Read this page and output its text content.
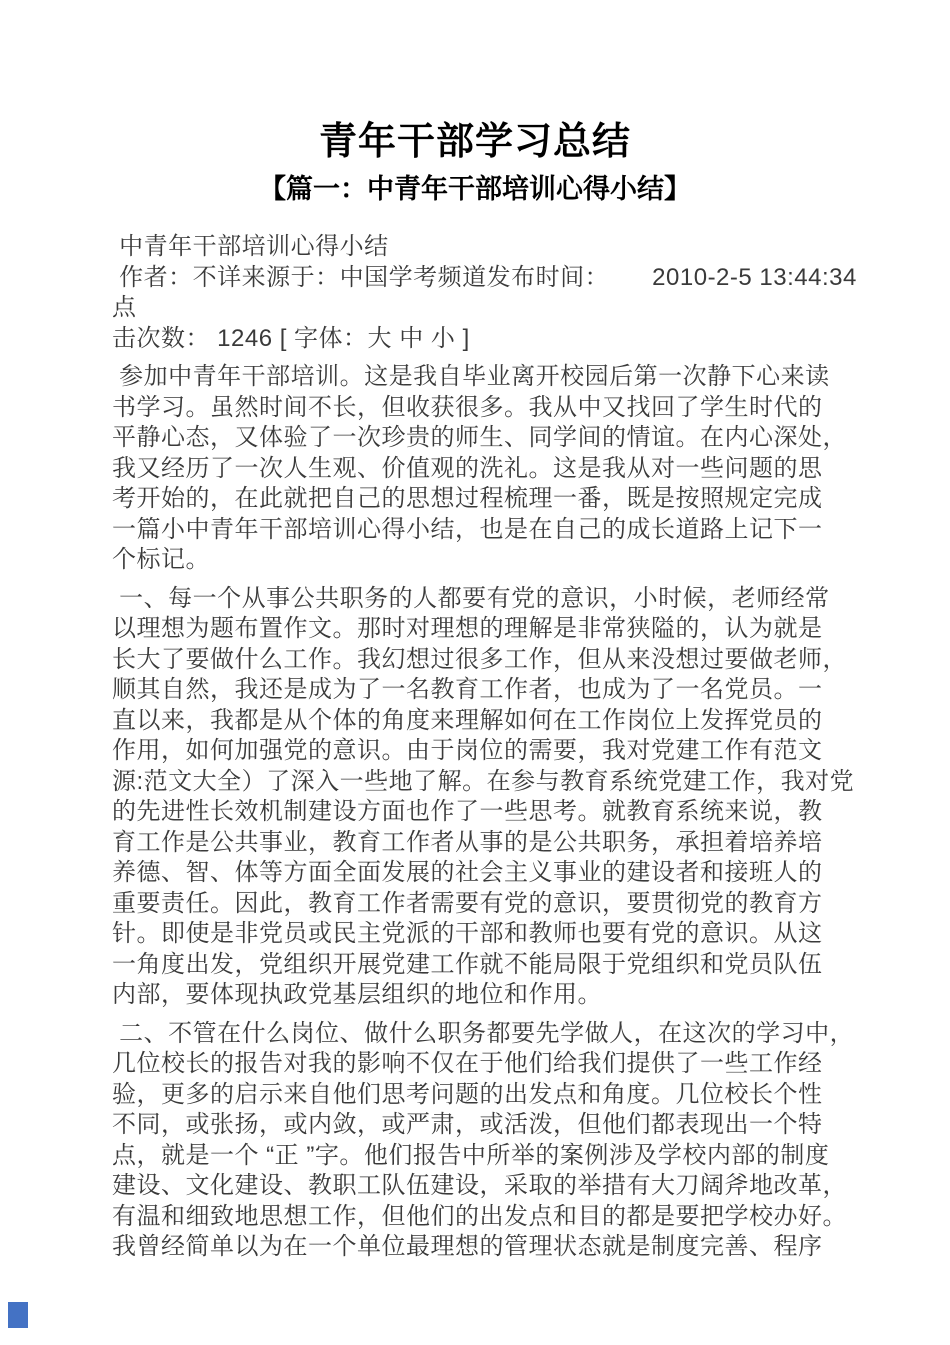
青年干部学习总结
【篇一：中青年干部培训心得小结】
中青年干部培训心得小结
作者：不详来源于：中国学考频道发布时间：      2010-2-5 13:44:34    点
击次数： 1246 [ 字体：大 中 小 ]
参加中青年干部培训。这是我自毕业离开校园后第一次静下心来读
书学习。虽然时间不长，但收获很多。我从中又找回了学生时代的
平静心态，又体验了一次珍贵的师生、同学间的情谊。在内心深处，
我又经历了一次人生观、价值观的洗礼。这是我从对一些问题的思
考开始的，在此就把自己的思想过程梳理一番，既是按照规定完成
一篇小中青年干部培训心得小结，也是在自己的成长道路上记下一
个标记。
一、每一个从事公共职务的人都要有党的意识，小时候，老师经常
以理想为题布置作文。那时对理想的理解是非常狭隘的，认为就是
长大了要做什么工作。我幻想过很多工作，但从来没想过要做老师，
顺其自然，我还是成为了一名教育工作者，也成为了一名党员。一
直以来，我都是从个体的角度来理解如何在工作岗位上发挥党员的
作用，如何加强党的意识。由于岗位的需要，我对党建工作有范文
源:范文大全）了深入一些地了解。在参与教育系统党建工作，我对党
的先进性长效机制建设方面也作了一些思考。就教育系统来说，教
育工作是公共事业，教育工作者从事的是公共职务，承担着培养培
养德、智、体等方面全面发展的社会主义事业的建设者和接班人的
重要责任。因此，教育工作者需要有党的意识，要贯彻党的教育方
针。即使是非党员或民主党派的干部和教师也要有党的意识。从这
一角度出发，党组织开展党建工作就不能局限于党组织和党员队伍
内部，要体现执政党基层组织的地位和作用。
二、不管在什么岗位、做什么职务都要先学做人，在这次的学习中，
几位校长的报告对我的影响不仅在于他们给我们提供了一些工作经
验，更多的启示来自他们思考问题的出发点和角度。几位校长个性
不同，或张扬，或内敛，或严肃，或活泼，但他们都表现出一个特
点，就是一个 “正 ”字。他们报告中所举的案例涉及学校内部的制度
建设、文化建设、教职工队伍建设，采取的举措有大刀阔斧地改革，
有温和细致地思想工作，但他们的出发点和目的都是要把学校办好。
我曾经简单以为在一个单位最理想的管理状态就是制度完善、程序
